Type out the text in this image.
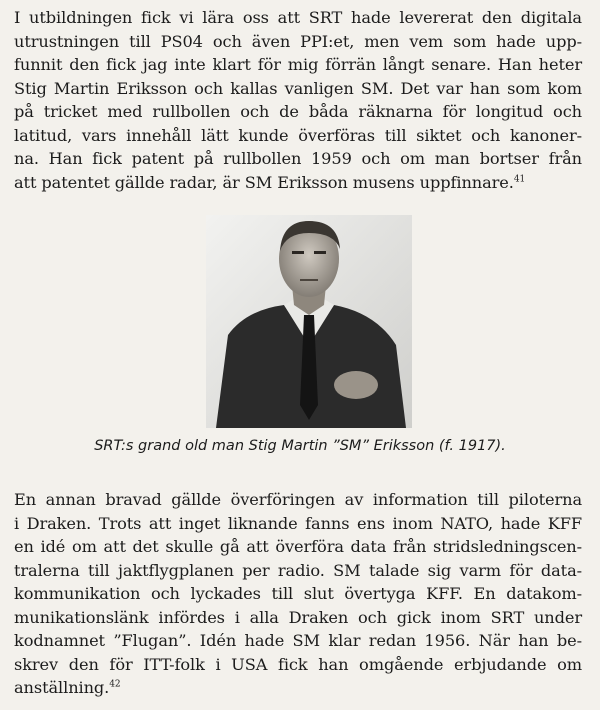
I utbildningen fick vi lära oss att SRT hade levererat den digitala
utrustningen till PS04 och även PPI:et, men vem som hade upp-
funnit den fick jag inte klart för mig förrän långt senare. Han heter
Stig Martin Eriksson och kallas vanligen SM. Det var han som kom
på tricket med rullbollen och de båda räknarna för longitud och
latitud, vars innehåll lätt kunde överföras till siktet och kanoner-
na. Han fick patent på rullbollen 1959 och om man bortser från
att patentet gällde radar, är SM Eriksson musens uppfinnare.$^{41}$
SRT:s grand old man Stig Martin ”SM” Eriksson (f. 1917).
En annan bravad gällde överföringen av information till piloterna
i Draken. Trots att inget liknande fanns ens inom NATO, hade KFF
en idé om att det skulle gå att överföra data från stridsledningscen-
tralerna till jaktflygplanen per radio. SM talade sig varm för data-
kommunikation och lyckades till slut övertyga KFF. En datakom-
munikationslänk infördes i alla Draken och gick inom SRT under
kodnamnet ”Flugan”. Idén hade SM klar redan 1956. När han be-
skrev den för ITT-folk i USA fick han omgående erbjudande om
anställning.$^{42}$
